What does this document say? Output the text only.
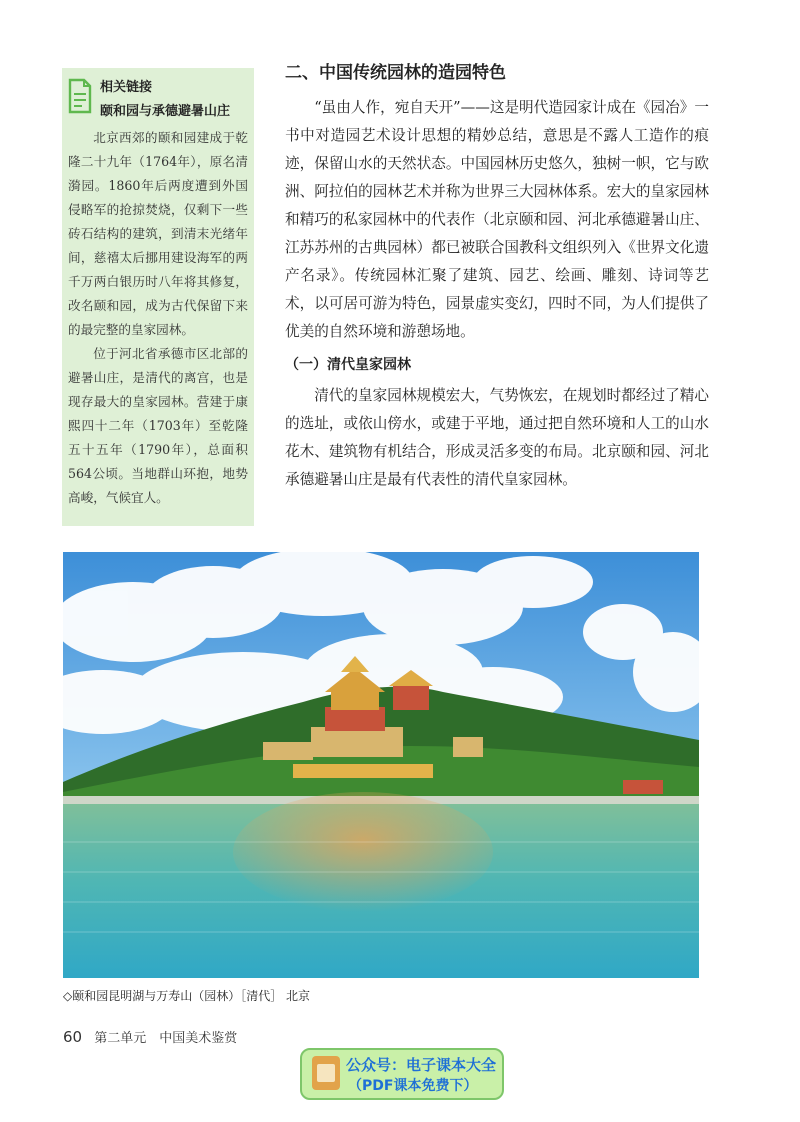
相关链接
颐和园与承德避暑山庄

北京西郊的颐和园建成于乾隆二十九年（1764年），原名清漪园。1860年后两度遭到外国侵略军的抢掠焚烧，仅剩下一些砖石结构的建筑，到清末光绪年间，慈禧太后挪用建设海军的两千万两白银历时八年将其修复，改名颐和园，成为古代保留下来的最完整的皇家园林。

位于河北省承德市区北部的避暑山庄，是清代的离宫，也是现存最大的皇家园林。营建于康熙四十二年（1703年）至乾隆五十五年（1790年），总面积564公顷。当地群山环抱，地势高峻，气候宜人。

二、中国传统园林的造园特色

“虽由人作，宛自天开”——这是明代造园家计成在《园冶》一书中对造园艺术设计思想的精妙总结，意思是不露人工造作的痕迹，保留山水的天然状态。中国园林历史悠久，独树一帜，它与欧洲、阿拉伯的园林艺术并称为世界三大园林体系。宏大的皇家园林和精巧的私家园林中的代表作（北京颐和园、河北承德避暑山庄、江苏苏州的古典园林）都已被联合国教科文组织列入《世界文化遗产名录》。传统园林汇聚了建筑、园艺、绘画、雕刻、诗词等艺术，以可居可游为特色，园景虚实变幻，四时不同，为人们提供了优美的自然环境和游憩场地。

（一）清代皇家园林

清代的皇家园林规模宏大，气势恢宏，在规划时都经过了精心的选址，或依山傍水，或建于平地，通过把自然环境和人工的山水花木、建筑物有机结合，形成灵活多变的布局。北京颐和园、河北承德避暑山庄是最有代表性的清代皇家园林。

◇颐和园昆明湖与万寿山（园林）［清代］ 北京
60 第二单元　中国美术鉴赏
公众号：电子课本大全
（PDF课本免费下）
